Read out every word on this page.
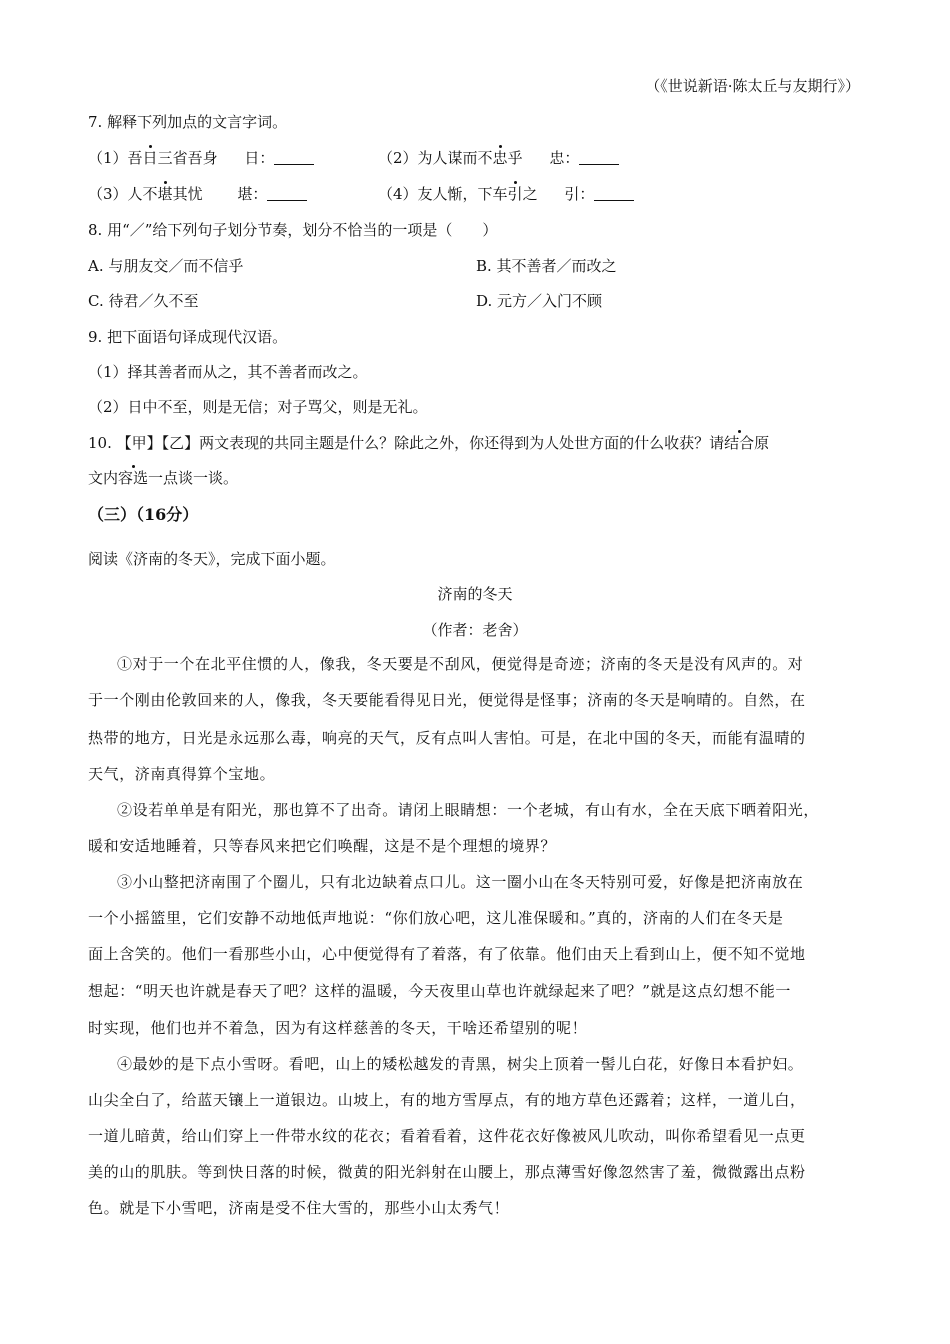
（《世说新语·陈太丘与友期行》）
7. 解释下列加点的文言字词。
（1）吾日三省吾身 日：	（2）为人谋而不忠乎 忠：
（3）人不堪其忧 堪：	（4）友人惭，下车引之 引：
8. 用“／”给下列句子划分节奏，划分不恰当的一项是（　　）
A. 与朋友交／而不信乎	B. 其不善者／而改之
C. 待君／久不至	D. 元方／入门不顾
9. 把下面语句译成现代汉语。
（1）择其善者而从之，其不善者而改之。
（2）日中不至，则是无信；对子骂父，则是无礼。
10. 【甲】【乙】两文表现的共同主题是什么？除此之外，你还得到为人处世方面的什么收获？请结合原
文内容选一点谈一谈。
（三）（16分）
阅读《济南的冬天》，完成下面小题。
济南的冬天
（作者：老舍）
①对于一个在北平住惯的人，像我，冬天要是不刮风，便觉得是奇迹；济南的冬天是没有风声的。对
于一个刚由伦敦回来的人，像我，冬天要能看得见日光，便觉得是怪事；济南的冬天是响晴的。自然，在
热带的地方，日光是永远那么毒，响亮的天气，反有点叫人害怕。可是，在北中国的冬天，而能有温晴的
天气，济南真得算个宝地。
②设若单单是有阳光，那也算不了出奇。请闭上眼睛想：一个老城，有山有水，全在天底下晒着阳光，
暖和安适地睡着，只等春风来把它们唤醒，这是不是个理想的境界？
③小山整把济南围了个圈儿，只有北边缺着点口儿。这一圈小山在冬天特别可爱，好像是把济南放在
一个小摇篮里，它们安静不动地低声地说：“你们放心吧，这儿准保暖和。”真的，济南的人们在冬天是
面上含笑的。他们一看那些小山，心中便觉得有了着落，有了依靠。他们由天上看到山上，便不知不觉地
想起：“明天也许就是春天了吧？这样的温暖，今天夜里山草也许就绿起来了吧？”就是这点幻想不能一
时实现，他们也并不着急，因为有这样慈善的冬天，干啥还希望别的呢！
④最妙的是下点小雪呀。看吧，山上的矮松越发的青黑，树尖上顶着一髻儿白花，好像日本看护妇。
山尖全白了，给蓝天镶上一道银边。山坡上，有的地方雪厚点，有的地方草色还露着；这样，一道儿白，
一道儿暗黄，给山们穿上一件带水纹的花衣；看着看着，这件花衣好像被风儿吹动，叫你希望看见一点更
美的山的肌肤。等到快日落的时候，微黄的阳光斜射在山腰上，那点薄雪好像忽然害了羞，微微露出点粉
色。就是下小雪吧，济南是受不住大雪的，那些小山太秀气！
